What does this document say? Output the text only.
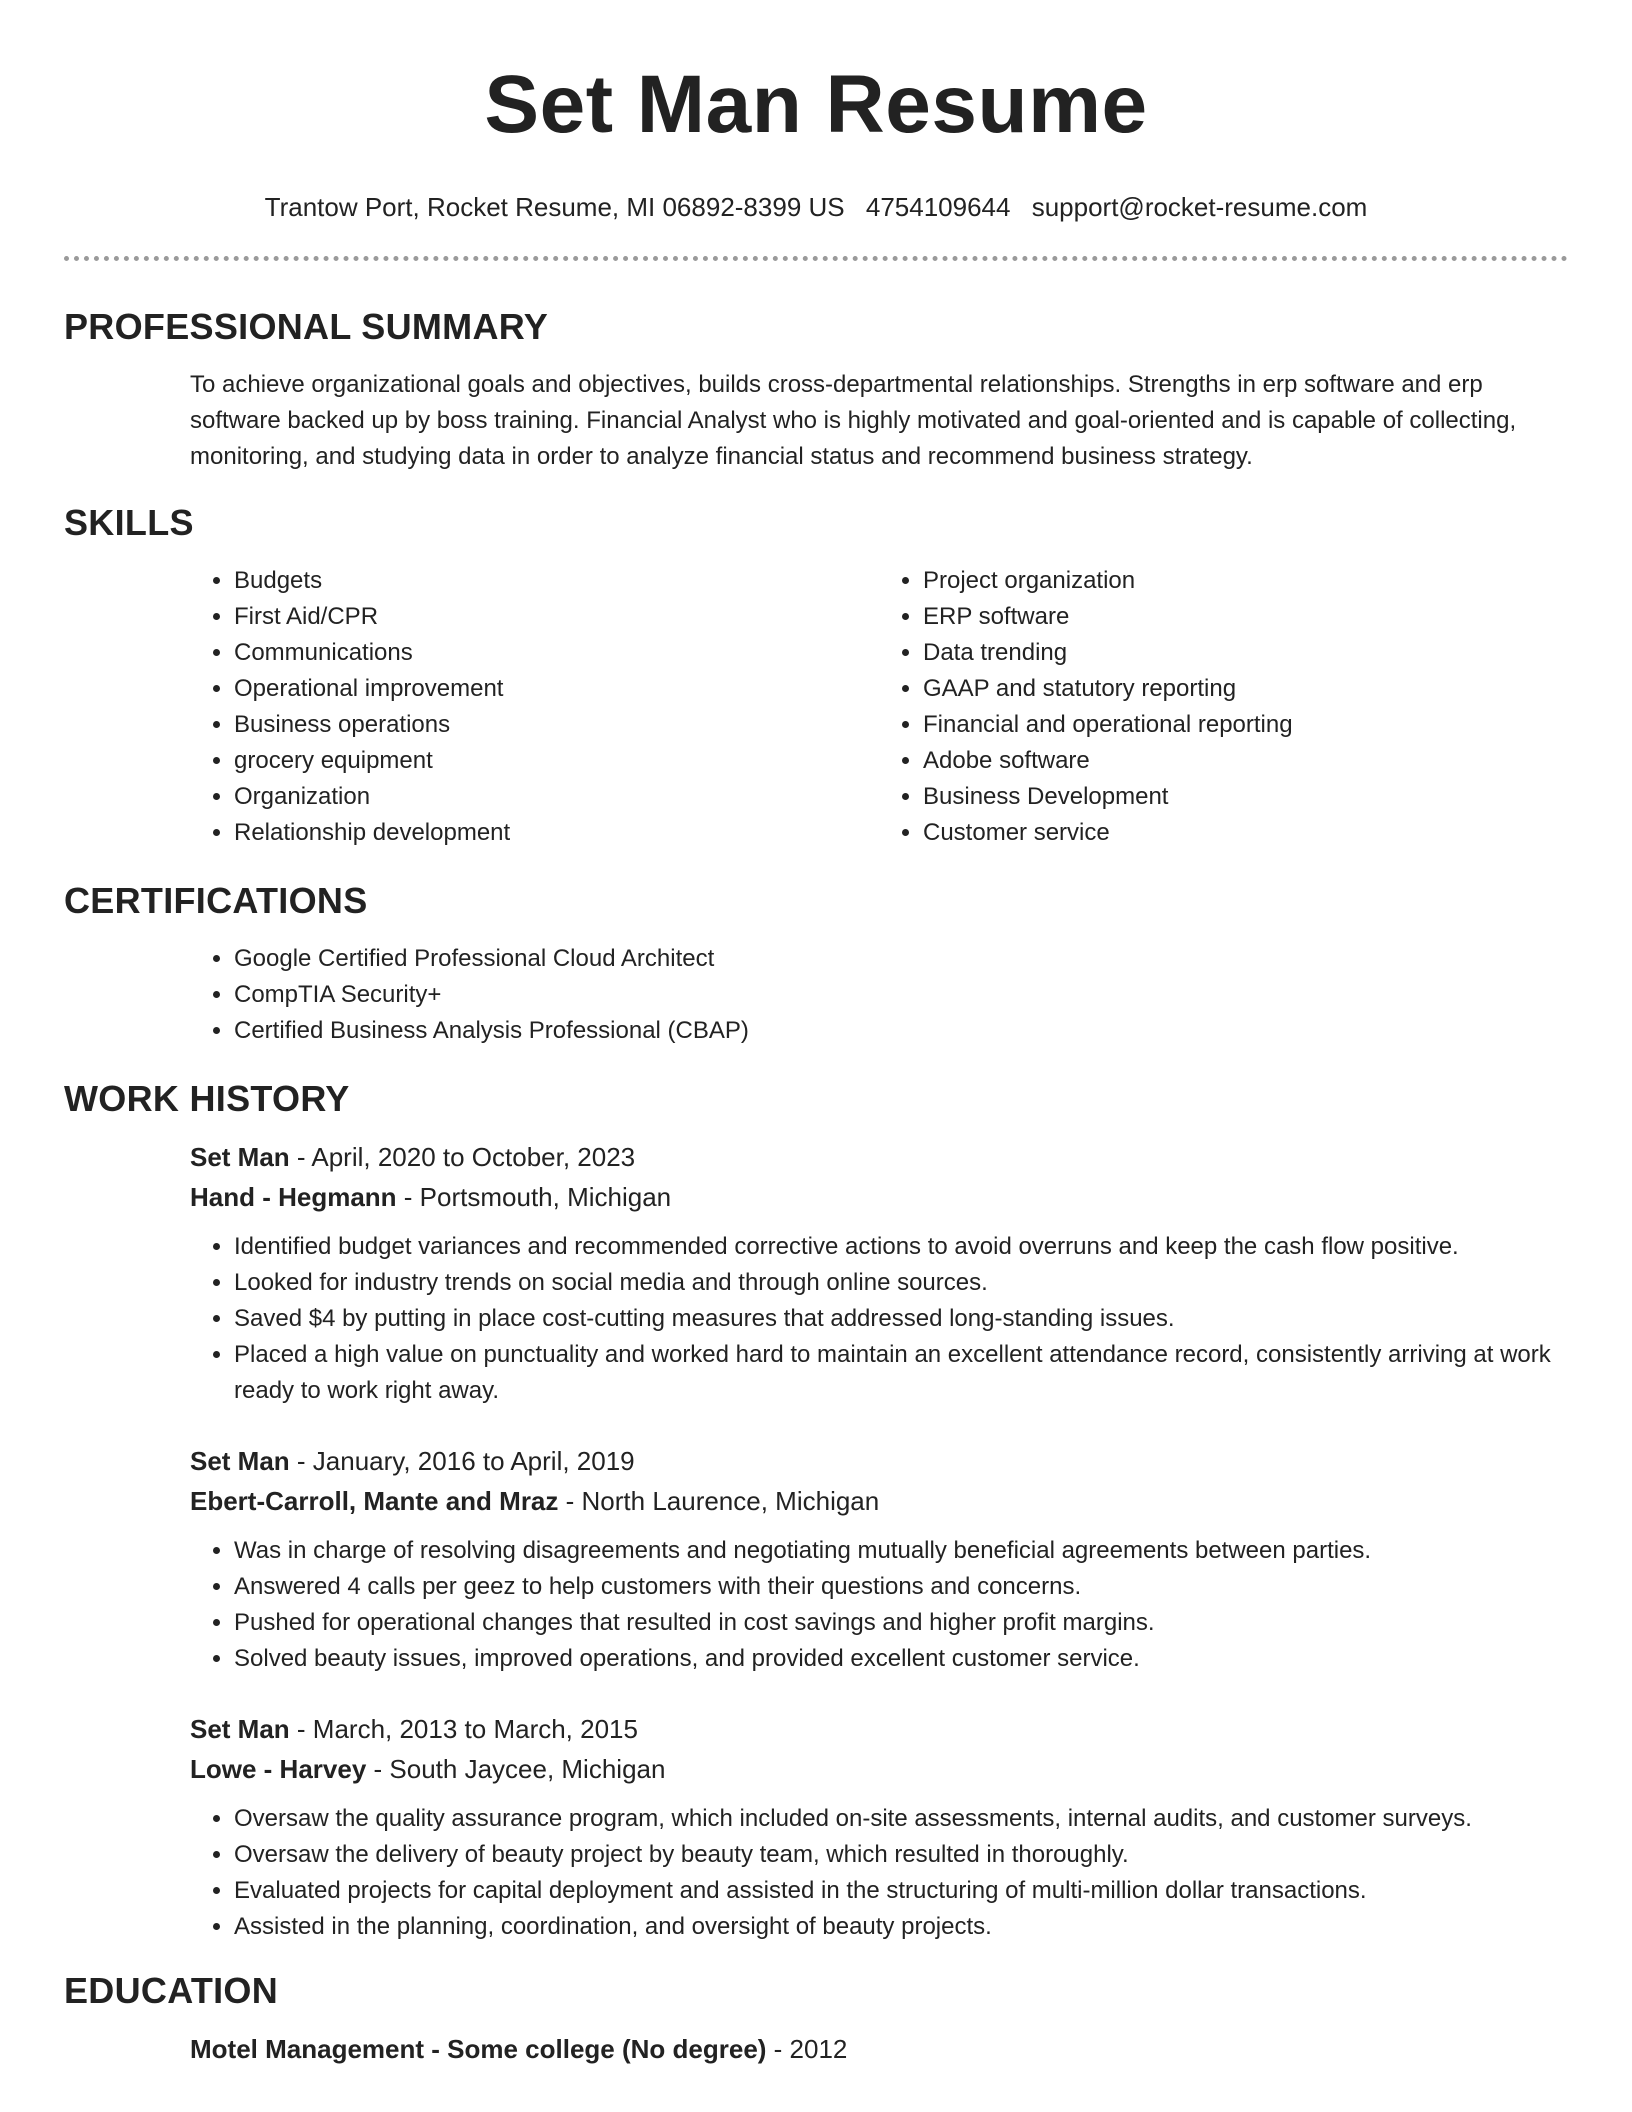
Set Man Resume
Trantow Port, Rocket Resume, MI 06892-8399 US 4754109644 support@rocket-resume.com
PROFESSIONAL SUMMARY
To achieve organizational goals and objectives, builds cross-departmental relationships. Strengths in erp software and erp software backed up by boss training. Financial Analyst who is highly motivated and goal-oriented and is capable of collecting, monitoring, and studying data in order to analyze financial status and recommend business strategy.
SKILLS
• Budgets
• First Aid/CPR
• Communications
• Operational improvement
• Business operations
• grocery equipment
• Organization
• Relationship development
• Project organization
• ERP software
• Data trending
• GAAP and statutory reporting
• Financial and operational reporting
• Adobe software
• Business Development
• Customer service
CERTIFICATIONS
• Google Certified Professional Cloud Architect
• CompTIA Security+
• Certified Business Analysis Professional (CBAP)
WORK HISTORY
Set Man - April, 2020 to October, 2023
Hand - Hegmann - Portsmouth, Michigan
• Identified budget variances and recommended corrective actions to avoid overruns and keep the cash flow positive.
• Looked for industry trends on social media and through online sources.
• Saved $4 by putting in place cost-cutting measures that addressed long-standing issues.
• Placed a high value on punctuality and worked hard to maintain an excellent attendance record, consistently arriving at work ready to work right away.
Set Man - January, 2016 to April, 2019
Ebert-Carroll, Mante and Mraz - North Laurence, Michigan
• Was in charge of resolving disagreements and negotiating mutually beneficial agreements between parties.
• Answered 4 calls per geez to help customers with their questions and concerns.
• Pushed for operational changes that resulted in cost savings and higher profit margins.
• Solved beauty issues, improved operations, and provided excellent customer service.
Set Man - March, 2013 to March, 2015
Lowe - Harvey - South Jaycee, Michigan
• Oversaw the quality assurance program, which included on-site assessments, internal audits, and customer surveys.
• Oversaw the delivery of beauty project by beauty team, which resulted in thoroughly.
• Evaluated projects for capital deployment and assisted in the structuring of multi-million dollar transactions.
• Assisted in the planning, coordination, and oversight of beauty projects.
EDUCATION
Motel Management - Some college (No degree) - 2012
